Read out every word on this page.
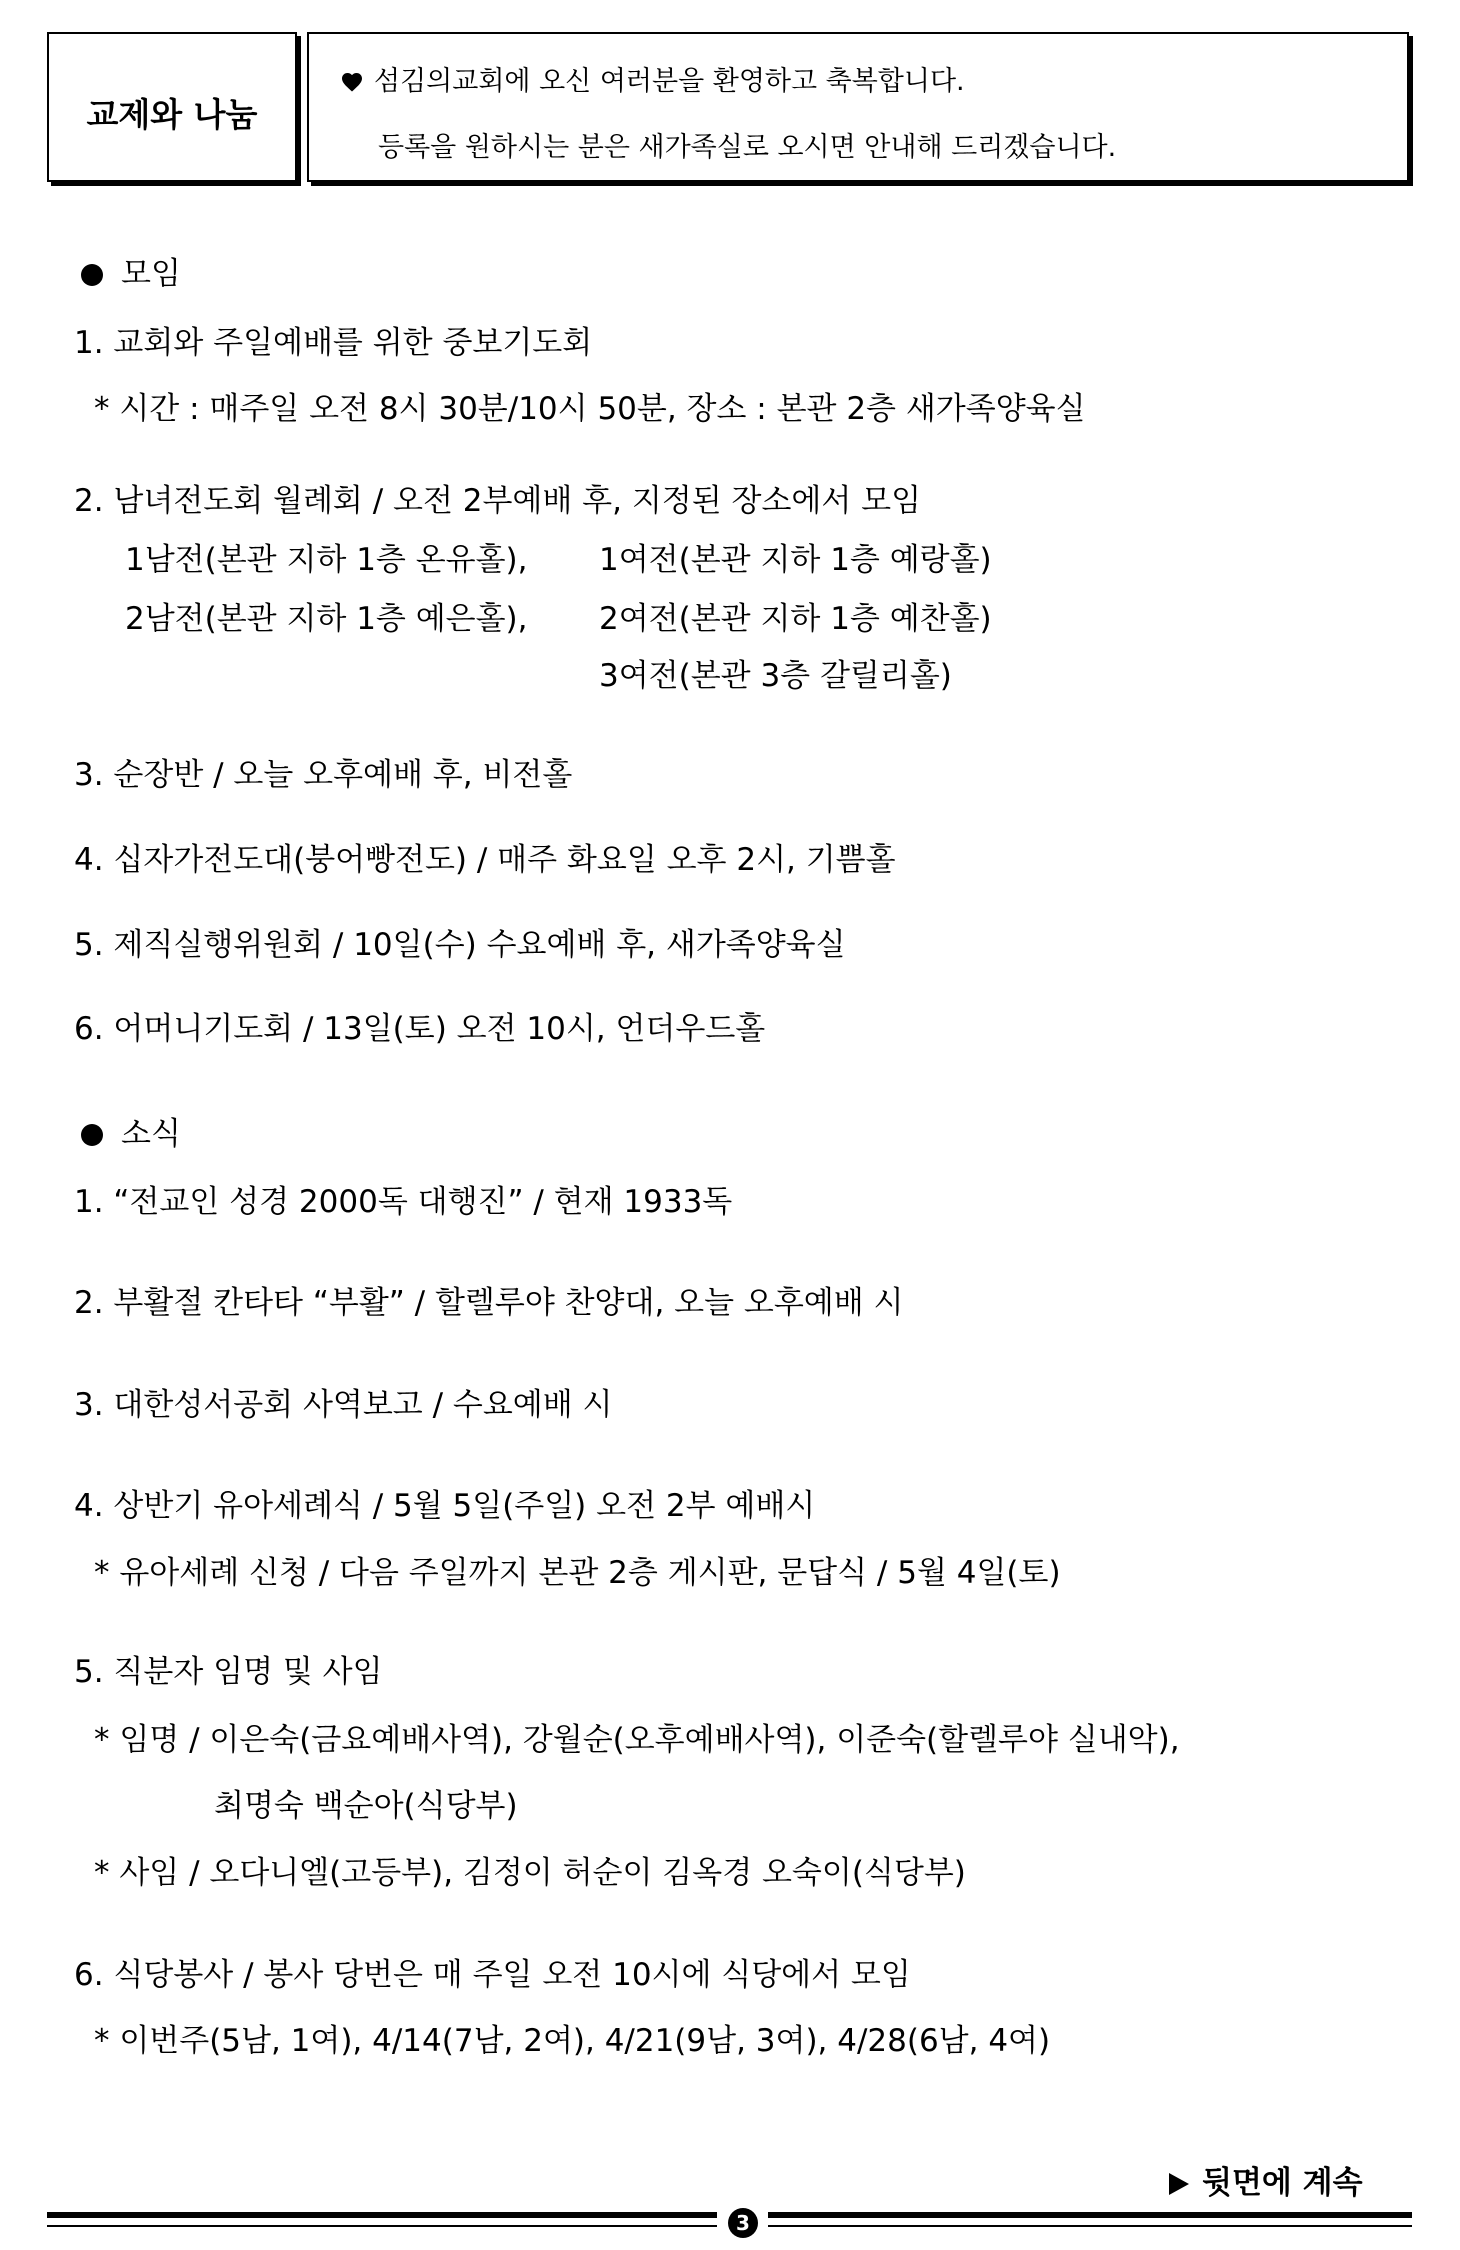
교제와 나눔
섬김의교회에 오신 여러분을 환영하고 축복합니다.
등록을 원하시는 분은 새가족실로 오시면 안내해 드리겠습니다.
모임
1. 교회와 주일예배를 위한 중보기도회
* 시간 : 매주일 오전 8시 30분/10시 50분, 장소 : 본관 2층 새가족양육실
2. 남녀전도회 월례회 / 오전 2부예배 후, 지정된 장소에서 모임
1남전(본관 지하 1층 온유홀), 1여전(본관 지하 1층 예랑홀)
2남전(본관 지하 1층 예은홀), 2여전(본관 지하 1층 예찬홀)
3여전(본관 3층 갈릴리홀)
3. 순장반 / 오늘 오후예배 후, 비전홀
4. 십자가전도대(붕어빵전도) / 매주 화요일 오후 2시, 기쁨홀
5. 제직실행위원회 / 10일(수) 수요예배 후, 새가족양육실
6. 어머니기도회 / 13일(토) 오전 10시, 언더우드홀
소식
1. “전교인 성경 2000독 대행진” / 현재 1933독
2. 부활절 칸타타 “부활” / 할렐루야 찬양대, 오늘 오후예배 시
3. 대한성서공회 사역보고 / 수요예배 시
4. 상반기 유아세례식 / 5월 5일(주일) 오전 2부 예배시
* 유아세례 신청 / 다음 주일까지 본관 2층 게시판, 문답식 / 5월 4일(토)
5. 직분자 임명 및 사임
* 임명 / 이은숙(금요예배사역), 강월순(오후예배사역), 이준숙(할렐루야 실내악),
최명숙 백순아(식당부)
* 사임 / 오다니엘(고등부), 김정이 허순이 김옥경 오숙이(식당부)
6. 식당봉사 / 봉사 당번은 매 주일 오전 10시에 식당에서 모임
* 이번주(5남, 1여), 4/14(7남, 2여), 4/21(9남, 3여), 4/28(6남, 4여)
뒷면에 계속
3
